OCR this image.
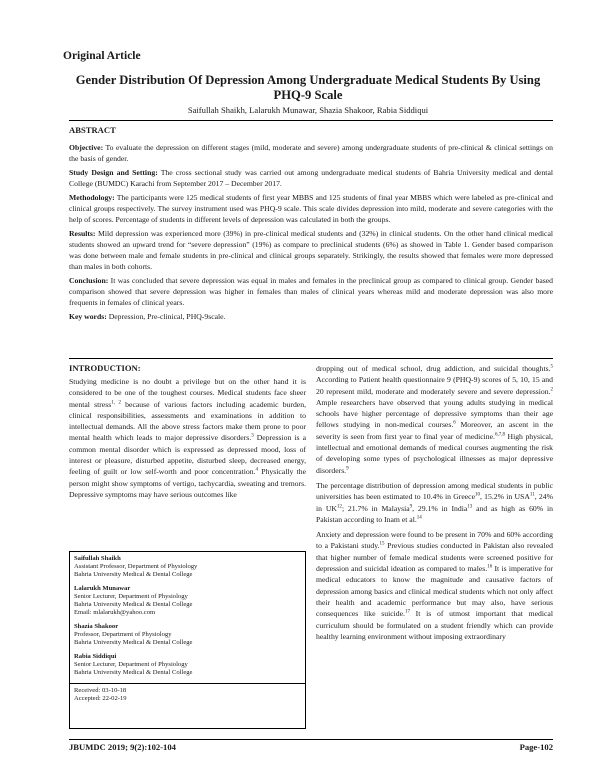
Original Article
Gender Distribution Of Depression Among Undergraduate Medical Students By Using PHQ-9 Scale
Saifullah Shaikh, Lalarukh Munawar, Shazia Shakoor, Rabia Siddiqui
ABSTRACT

Objective: To evaluate the depression on different stages (mild, moderate and severe) among undergraduate students of pre-clinical & clinical settings on the basis of gender.

Study Design and Setting: The cross sectional study was carried out among undergraduate medical students of Bahria University medical and dental College (BUMDC) Karachi from September 2017 – December 2017.

Methodology: The participants were 125 medical students of first year MBBS and 125 students of final year MBBS which were labeled as pre-clinical and clinical groups respectively. The survey instrument used was PHQ-9 scale. This scale divides depression into mild, moderate and severe categories with the help of scores. Percentage of students in different levels of depression was calculated in both the groups.

Results: Mild depression was experienced more (39%) in pre-clinical medical students and (32%) in clinical students. On the other hand clinical medical students showed an upward trend for “severe depression” (19%) as compare to preclinical students (6%) as showed in Table 1. Gender based comparison was done between male and female students in pre-clinical and clinical groups separately. Strikingly, the results showed that females were more depressed than males in both cohorts.

Conclusion: It was concluded that severe depression was equal in males and females in the preclinical group as compared to clinical group. Gender based comparison showed that severe depression was higher in females than males of clinical years whereas mild and moderate depression was also more frequents in females of clinical years.

Key words: Depression, Pre-clinical, PHQ-9scale.

INTRODUCTION:
Studying medicine is no doubt a privilege but on the other hand it is considered to be one of the toughest courses. Medical students face sheer mental stress$^{1, 2}$ because of various factors including academic burden, clinical responsibilities, assessments and examinations in addition to intellectual demands. All the above stress factors make them prone to poor mental health which leads to major depressive disorders.$^3$ Depression is a common mental disorder which is expressed as depressed mood, loss of interest or pleasure, disturbed appetite, disturbed sleep, decreased energy, feeling of guilt or low self-worth and poor concentration.$^4$ Physically the person might show symptoms of vertigo, tachycardia, sweating and tremors. Depressive symptoms may have serious outcomes like

dropping out of medical school, drug addiction, and suicidal thoughts.$^5$ According to Patient health questionnaire 9 (PHQ-9) scores of 5, 10, 15 and 20 represent mild, moderate and moderately severe and severe depression.$^2$ Ample researchers have observed that young adults studying in medical schools have higher percentage of depressive symptoms than their age fellows studying in non-medical courses.$^6$ Moreover, an ascent in the severity is seen from first year to final year of medicine.$^{6,7,8}$ High physical, intellectual and emotional demands of medical courses augmenting the risk of developing some types of psychological illnesses as major depressive disorders.$^9$

The percentage distribution of depression among medical students in public universities has been estimated to 10.4% in Greece$^{10}$, 15.2% in USA$^{11}$, 24% in UK$^{12}$; 21.7% in Malaysia$^9$, 29.1% in India$^{13}$ and as high as 60% in Pakistan according to Inam et al.$^{14}$

Anxiety and depression were found to be present in 70% and 60% according to a Pakistani study.$^{15}$ Previous studies conducted in Pakistan also revealed that higher number of female medical students were screened positive for depression and suicidal ideation as compared to males.$^{16}$ It is imperative for medical educators to know the magnitude and causative factors of depression among basics and clinical medical students which not only affect their health and academic performance but may also, have serious consequences like suicide.$^{17}$ It is of utmost important that medical curriculum should be formulated on a student friendly which can provide healthy learning environment without imposing extraordinary

Saifullah Shaikh
Assistant Professor, Department of Physiology
Bahria University Medical & Dental College
Lalarukh Munawar
Senior Lecturer, Department of Physiology
Bahria University Medical & Dental College
Email: mlalarukh@yahoo.com
Shazia Shakoor
Professor, Department of Physiology
Bahria University Medical & Dental College
Rabia Siddiqui
Senior Lecturer, Department of Physiology
Bahria University Medical & Dental College
Received: 03-10-18
Accepted: 22-02-19
JBUMDC 2019; 9(2):102-104	Page-102
